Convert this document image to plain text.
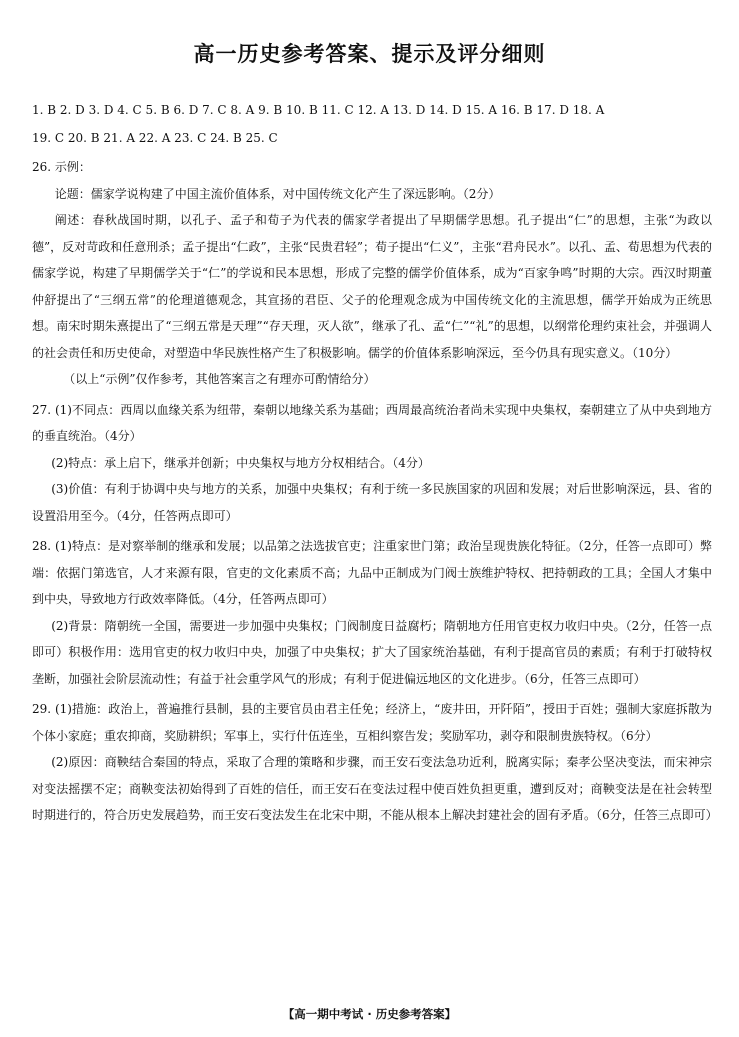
高一历史参考答案、提示及评分细则
1. B 2. D 3. D 4. C 5. B 6. D 7. C 8. A 9. B 10. B 11. C 12. A 13. D 14. D 15. A 16. B 17. D 18. A
19. C 20. B 21. A 22. A 23. C 24. B 25. C

26. 示例：

论题：儒家学说构建了中国主流价值体系，对中国传统文化产生了深远影响。（2分）

阐述：春秋战国时期，以孔子、孟子和荀子为代表的儒家学者提出了早期儒学思想。孔子提出“仁”的思想，主张“为政以德”，反对苛政和任意刑杀；孟子提出“仁政”，主张“民贵君轻”；荀子提出“仁义”，主张“君舟民水”。以孔、孟、荀思想为代表的儒家学说，构建了早期儒学关于“仁”的学说和民本思想，形成了完整的儒学价值体系，成为“百家争鸣”时期的大宗。西汉时期董仲舒提出了“三纲五常”的伦理道德观念，其宣扬的君臣、父子的伦理观念成为中国传统文化的主流思想，儒学开始成为正统思想。南宋时期朱熹提出了“三纲五常是天理”“存天理，灭人欲”，继承了孔、孟“仁”“礼”的思想，以纲常伦理约束社会，并强调人的社会责任和历史使命，对塑造中华民族性格产生了积极影响。儒学的价值体系影响深远，至今仍具有现实意义。（10分）

（以上“示例”仅作参考，其他答案言之有理亦可酌情给分）

27. (1)不同点：西周以血缘关系为纽带，秦朝以地缘关系为基础；西周最高统治者尚未实现中央集权，秦朝建立了从中央到地方的垂直统治。（4分）

(2)特点：承上启下，继承并创新；中央集权与地方分权相结合。（4分）

(3)价值：有利于协调中央与地方的关系，加强中央集权；有利于统一多民族国家的巩固和发展；对后世影响深远，县、省的设置沿用至今。（4分，任答两点即可）

28. (1)特点：是对察举制的继承和发展；以品第之法选拔官吏；注重家世门第；政治呈现贵族化特征。（2分，任答一点即可）弊端：依据门第选官，人才来源有限，官吏的文化素质不高；九品中正制成为门阀士族维护特权、把持朝政的工具；全国人才集中到中央，导致地方行政效率降低。（4分，任答两点即可）

(2)背景：隋朝统一全国，需要进一步加强中央集权；门阀制度日益腐朽；隋朝地方任用官吏权力收归中央。（2分，任答一点即可）积极作用：选用官吏的权力收归中央，加强了中央集权；扩大了国家统治基础，有利于提高官员的素质；有利于打破特权垄断，加强社会阶层流动性；有益于社会重学风气的形成；有利于促进偏远地区的文化进步。（6分，任答三点即可）

29. (1)措施：政治上，普遍推行县制，县的主要官员由君主任免；经济上，“废井田，开阡陌”，授田于百姓；强制大家庭拆散为个体小家庭；重农抑商，奖励耕织；军事上，实行什伍连坐，互相纠察告发；奖励军功，剥夺和限制贵族特权。（6分）

(2)原因：商鞅结合秦国的特点，采取了合理的策略和步骤，而王安石变法急功近利，脱离实际；秦孝公坚决变法，而宋神宗对变法摇摆不定；商鞅变法初始得到了百姓的信任，而王安石在变法过程中使百姓负担更重，遭到反对；商鞅变法是在社会转型时期进行的，符合历史发展趋势，而王安石变法发生在北宋中期，不能从根本上解决封建社会的固有矛盾。（6分，任答三点即可）

【高一期中考试 · 历史参考答案】
